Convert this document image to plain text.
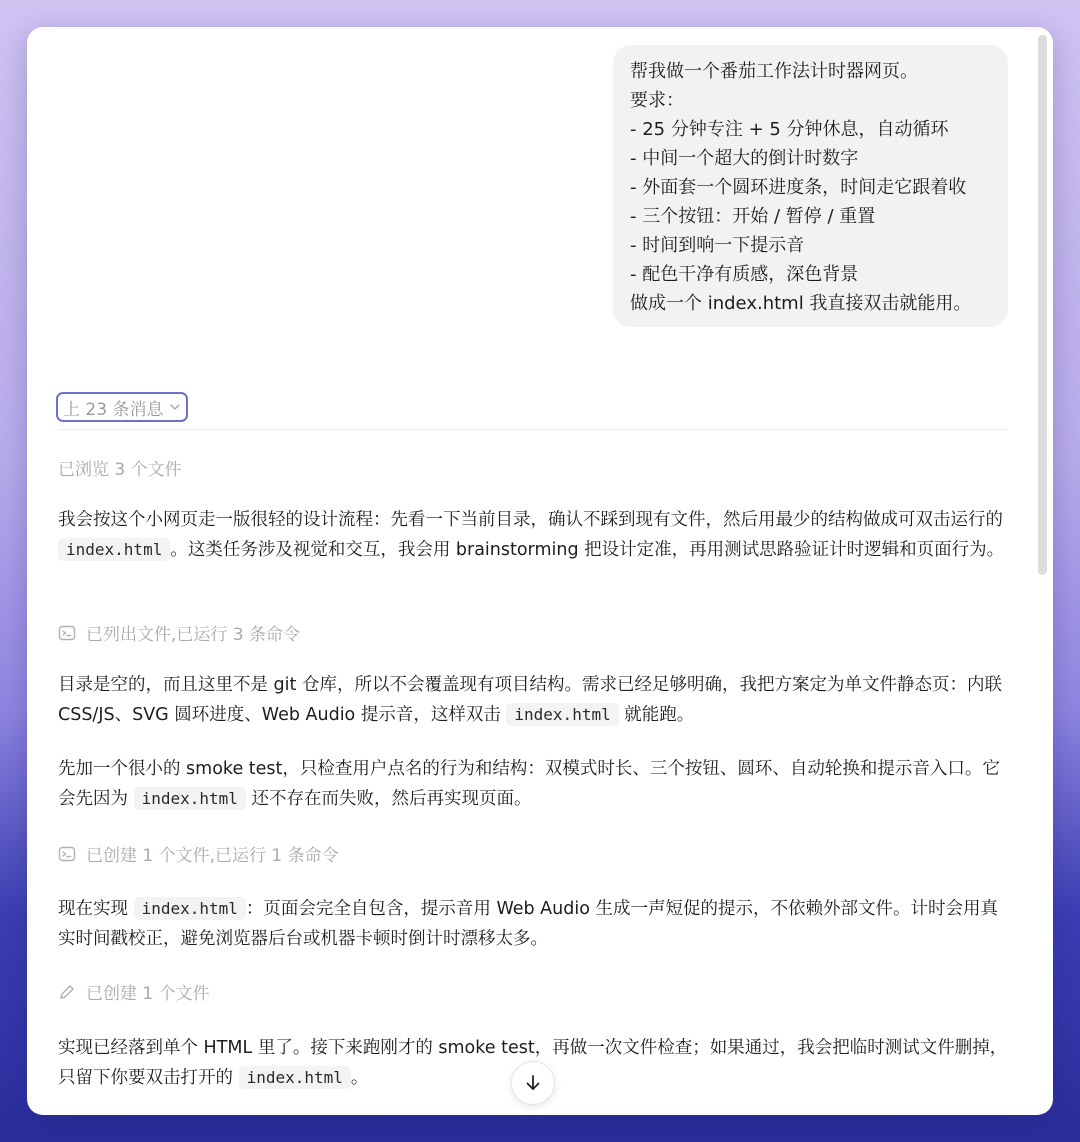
帮我做一个番茄工作法计时器网页。
要求：
- 25 分钟专注 + 5 分钟休息，自动循环
- 中间一个超大的倒计时数字
- 外面套一个圆环进度条，时间走它跟着收
- 三个按钮：开始 / 暂停 / 重置
- 时间到响一下提示音
- 配色干净有质感，深色背景
做成一个 index.html 我直接双击就能用。
上 23 条消息
已浏览 3 个文件
我会按这个小网页走一版很轻的设计流程：先看一下当前目录，确认不踩到现有文件，然后用最少的结构做成可双击运行的 index.html 。这类任务涉及视觉和交互，我会用 brainstorming 把设计定准，再用测试思路验证计时逻辑和页面行为。
已列出文件,已运行 3 条命令
目录是空的，而且这里不是 git 仓库，所以不会覆盖现有项目结构。需求已经足够明确，我把方案定为单文件静态页：内联 CSS/JS、SVG 圆环进度、Web Audio 提示音，这样双击 index.html 就能跑。
先加一个很小的 smoke test，只检查用户点名的行为和结构：双模式时长、三个按钮、圆环、自动轮换和提示音入口。它会先因为 index.html 还不存在而失败，然后再实现页面。
已创建 1 个文件,已运行 1 条命令
现在实现 index.html ：页面会完全自包含，提示音用 Web Audio 生成一声短促的提示，不依赖外部文件。计时会用真实时间戳校正，避免浏览器后台或机器卡顿时倒计时漂移太多。
已创建 1 个文件
实现已经落到单个 HTML 里了。接下来跑刚才的 smoke test，再做一次文件检查；如果通过，我会把临时测试文件删掉，只留下你要双击打开的 index.html 。
